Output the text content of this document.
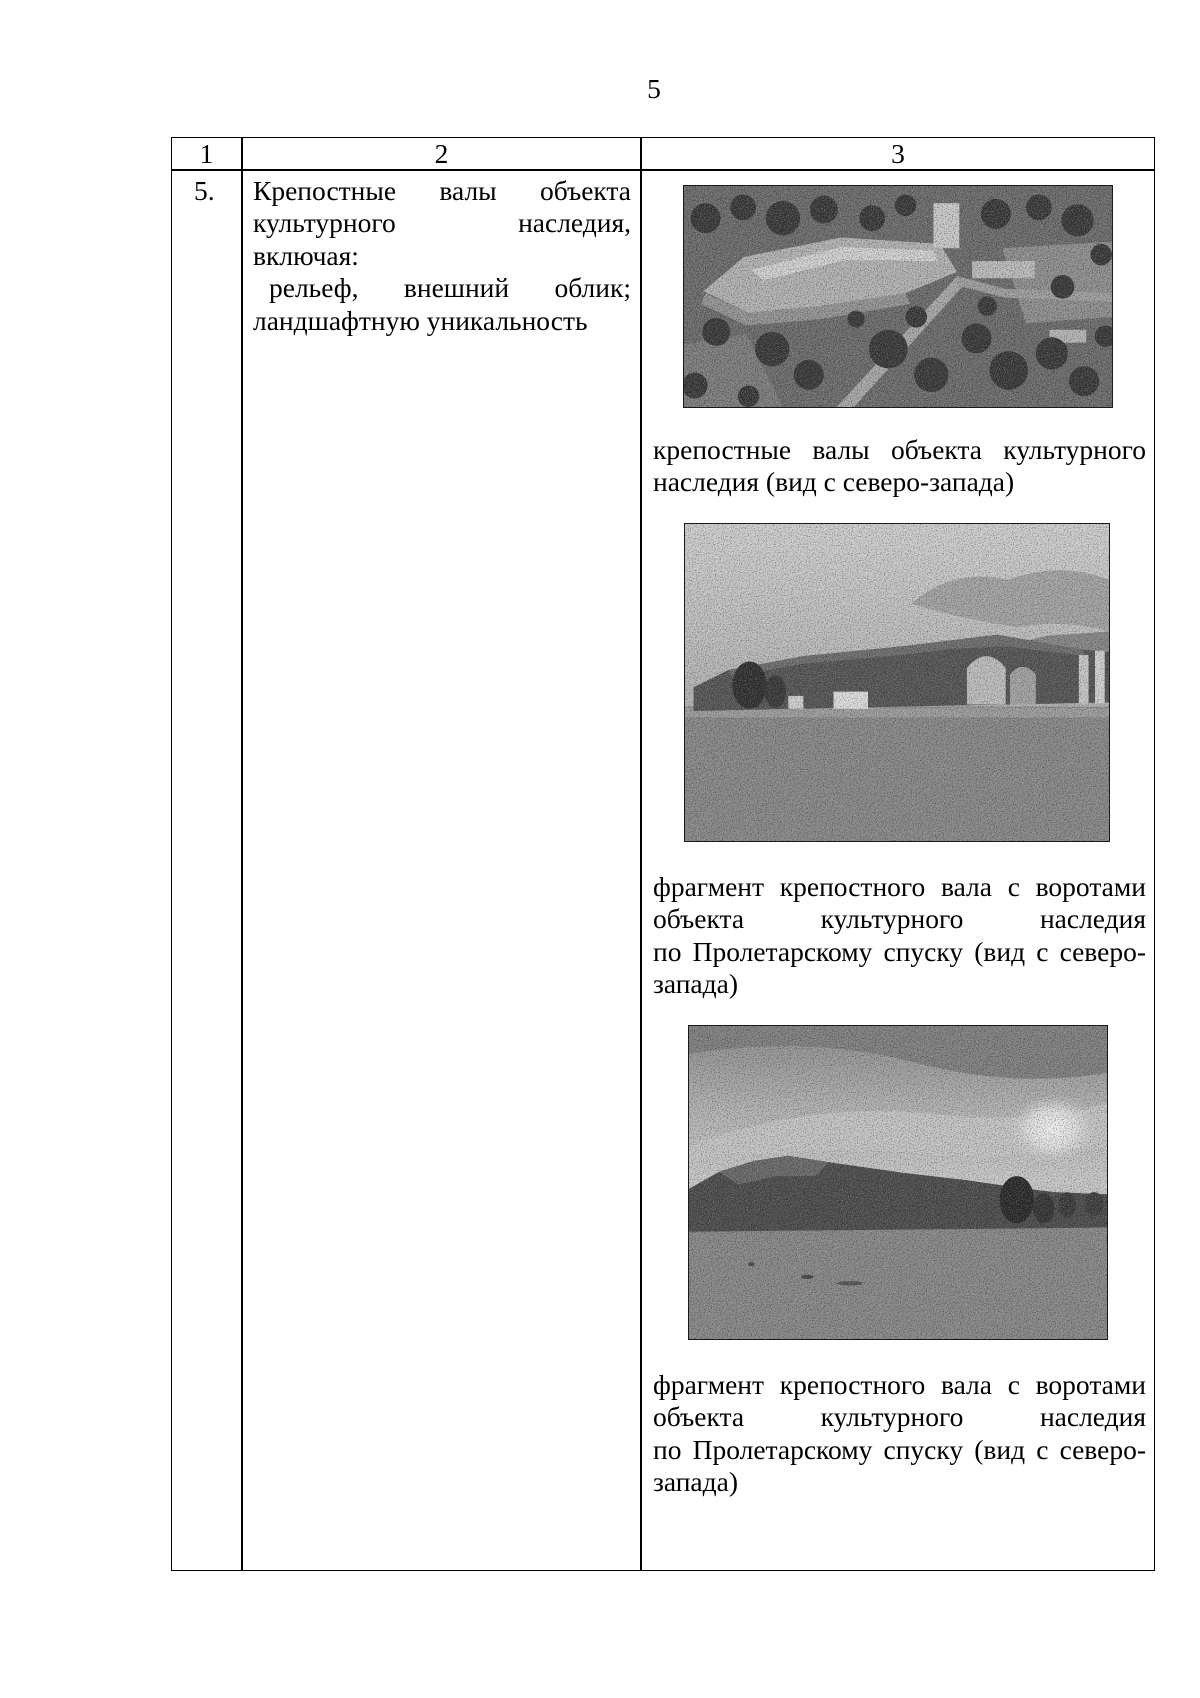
5
1	2	3
5. Крепостные валы объекта
культурного наследия,
включая:
рельеф, внешний облик;
ландшафтную уникальность
крепостные валы объекта культурного
наследия (вид с северо-запада)
фрагмент крепостного вала с воротами
объекта культурного наследия
по Пролетарскому спуску (вид с северо-
запада)
фрагмент крепостного вала с воротами
объекта культурного наследия
по Пролетарскому спуску (вид с северо-
запада)
